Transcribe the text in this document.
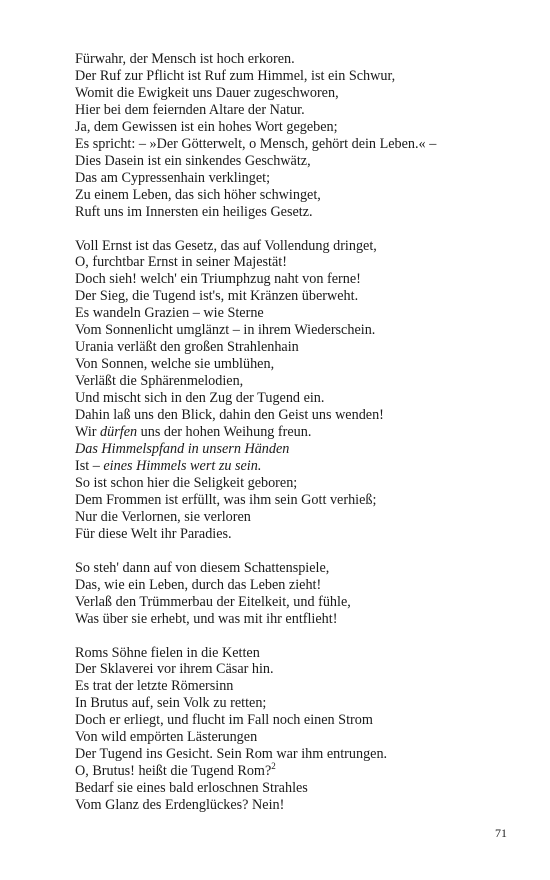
Fürwahr, der Mensch ist hoch erkoren.
Der Ruf zur Pflicht ist Ruf zum Himmel, ist ein Schwur,
Womit die Ewigkeit uns Dauer zugeschworen,
Hier bei dem feiernden Altare der Natur.
Ja, dem Gewissen ist ein hohes Wort gegeben;
Es spricht: – »Der Götterwelt, o Mensch, gehört dein Leben.« –
Dies Dasein ist ein sinkendes Geschwätz,
Das am Cypressenhain verklinget;
Zu einem Leben, das sich höher schwinget,
Ruft uns im Innersten ein heiliges Gesetz.
Voll Ernst ist das Gesetz, das auf Vollendung dringet,
O, furchtbar Ernst in seiner Majestät!
Doch sieh! welch' ein Triumphzug naht von ferne!
Der Sieg, die Tugend ist's, mit Kränzen überweht.
Es wandeln Grazien – wie Sterne
Vom Sonnenlicht umglänzt – in ihrem Wiederschein.
Urania verläßt den großen Strahlenhain
Von Sonnen, welche sie umblühen,
Verläßt die Sphärenmelodien,
Und mischt sich in den Zug der Tugend ein.
Dahin laß uns den Blick, dahin den Geist uns wenden!
Wir dürfen uns der hohen Weihung freun.
Das Himmelspfand in unsern Händen
Ist – eines Himmels wert zu sein.
So ist schon hier die Seligkeit geboren;
Dem Frommen ist erfüllt, was ihm sein Gott verhieß;
Nur die Verlornen, sie verloren
Für diese Welt ihr Paradies.
So steh' dann auf von diesem Schattenspiele,
Das, wie ein Leben, durch das Leben zieht!
Verlaß den Trümmerbau der Eitelkeit, und fühle,
Was über sie erhebt, und was mit ihr entflieht!
Roms Söhne fielen in die Ketten
Der Sklaverei vor ihrem Cäsar hin.
Es trat der letzte Römersinn
In Brutus auf, sein Volk zu retten;
Doch er erliegt, und flucht im Fall noch einen Strom
Von wild empörten Lästerungen
Der Tugend ins Gesicht. Sein Rom war ihm entrungen.
O, Brutus! heißt die Tugend Rom?$^2$
Bedarf sie eines bald erloschnen Strahles
Vom Glanz des Erdenglückes? Nein!
71
